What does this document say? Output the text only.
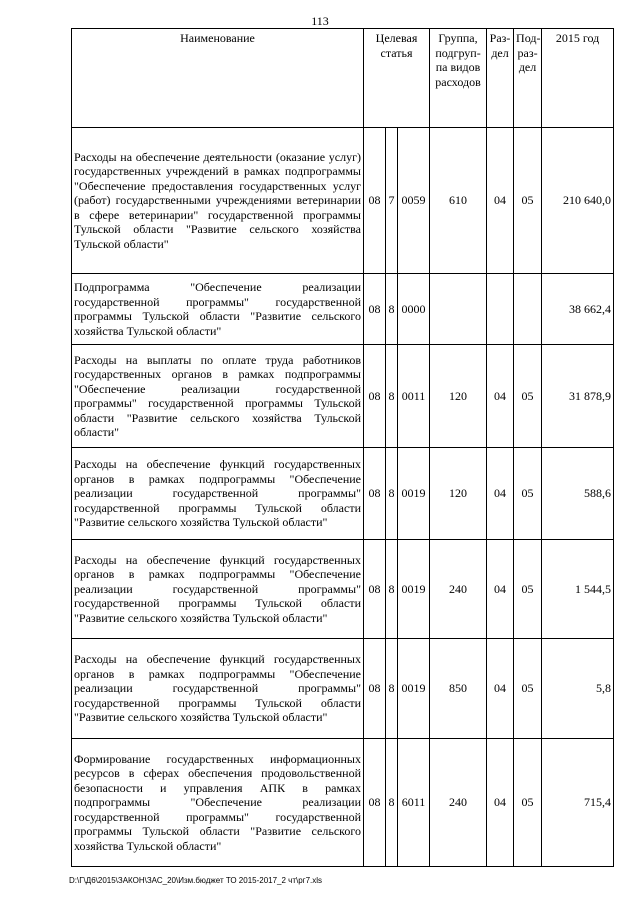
113
Наименование	Целевая статья			Группа, подгруп-па видов расходов	Раз-дел	Под-раз-дел	2015 год
Расходы на обеспечение деятельности (оказание услуг) государственных учреждений в рамках подпрограммы "Обеспечение предоставления государственных услуг (работ) государственными учреждениями ветеринарии в сфере ветеринарии" государственной программы Тульской области "Развитие сельского хозяйства Тульской области"	08	7	0059	610	04	05	210 640,0
Подпрограмма "Обеспечение реализации государственной программы" государственной программы Тульской области "Развитие сельского хозяйства Тульской области"	08	8	0000				38 662,4
Расходы на выплаты по оплате труда работников государственных органов в рамках подпрограммы "Обеспечение реализации государственной программы" государственной программы Тульской области "Развитие сельского хозяйства Тульской области"	08	8	0011	120	04	05	31 878,9
Расходы на обеспечение функций государственных органов в рамках подпрограммы "Обеспечение реализации государственной программы" государственной программы Тульской области "Развитие сельского хозяйства Тульской области"	08	8	0019	120	04	05	588,6
Расходы на обеспечение функций государственных органов в рамках подпрограммы "Обеспечение реализации государственной программы" государственной программы Тульской области "Развитие сельского хозяйства Тульской области"	08	8	0019	240	04	05	1 544,5
Расходы на обеспечение функций государственных органов в рамках подпрограммы "Обеспечение реализации государственной программы" государственной программы Тульской области "Развитие сельского хозяйства Тульской области"	08	8	0019	850	04	05	5,8
Формирование государственных информационных ресурсов в сферах обеспечения продовольственной безопасности и управления АПК в рамках подпрограммы "Обеспечение реализации государственной программы" государственной программы Тульской области "Развитие сельского хозяйства Тульской области"	08	8	6011	240	04	05	715,4
D:\Г\Д6\2015\ЗАКОН\ЗАС_20\Изм.бюджет ТО 2015-2017_2 чт\рг7.xls
